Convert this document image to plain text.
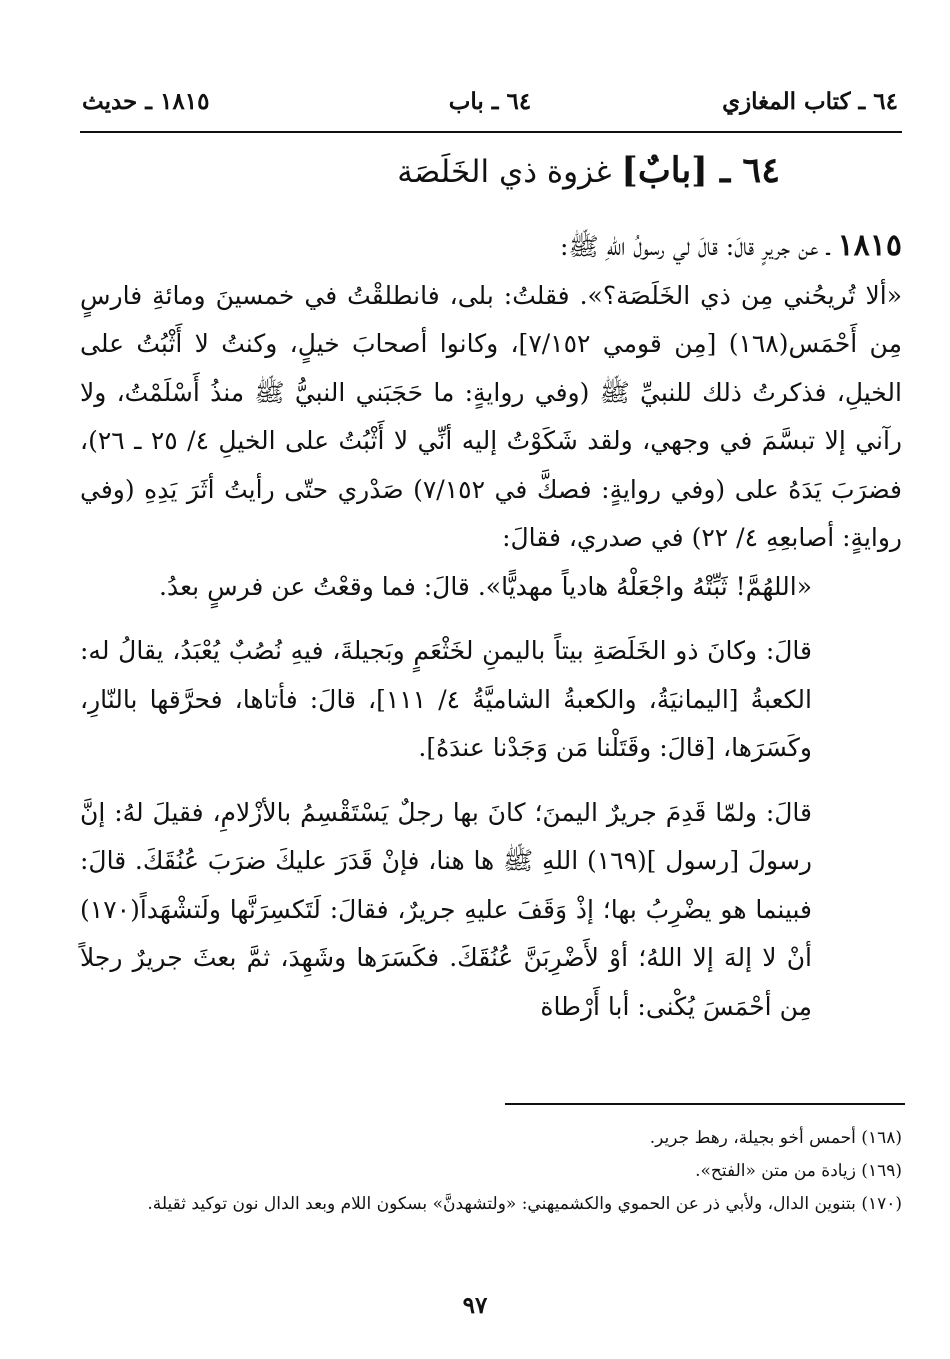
٦٤ ـ كتاب المغازي
٦٤ ـ باب
١٨١٥ ـ حديث
٦٤ ـ [بابٌ] غزوة ذي الخَلَصَة

١٨١٥ ـ عن جريرٍ قالَ: قالَ لي رسولُ اللهِ ﷺ:

«ألا تُريحُني مِن ذي الخَلَصَة؟». فقلتُ: بلى، فانطلقْتُ في خمسينَ ومائةِ فارسٍ مِن أَحْمَس(١٦٨) [مِن قومي ٧/١٥٢]، وكانوا أصحابَ خيلٍ، وكنتُ لا أَثْبُتُ على الخيلِ، فذكرتُ ذلك للنبيِّ ﷺ (وفي روايةٍ: ما حَجَبَني النبيُّ ﷺ منذُ أَسْلَمْتُ، ولا رآني إلا تبسَّمَ في وجهي، ولقد شَكَوْتُ إليه أنِّي لا أَثْبُتُ على الخيلِ ٤/ ٢٥ ـ ٢٦)، فضرَبَ يَدَهُ على (وفي روايةٍ: فصكَّ في ٧/١٥٢) صَدْري حتّى رأيتُ أثَرَ يَدِهِ (وفي روايةٍ: أصابعِهِ ٤/ ٢٢) في صدري، فقالَ:

«اللهُمَّ! ثَبِّتْهُ واجْعَلْهُ هادياً مهديًّا». قالَ: فما وقعْتُ عن فرسٍ بعدُ.

قالَ: وكانَ ذو الخَلَصَةِ بيتاً باليمنِ لخَثْعَمٍ وبَجيلةَ، فيهِ نُصُبٌ يُعْبَدُ، يقالُ له: الكعبةُ [اليمانيَةُ، والكعبةُ الشاميَّةُ ٤/ ١١١]، قالَ: فأتاها، فحرَّقها بالنّارِ، وكَسَرَها، [قالَ: وقَتَلْنا مَن وَجَدْنا عندَهُ].

قالَ: ولمّا قَدِمَ جريرٌ اليمنَ؛ كانَ بها رجلٌ يَسْتَقْسِمُ بالأزْلامِ، فقيلَ لهُ: إنَّ رسولَ [رسول ](١٦٩) اللهِ ﷺ ها هنا، فإنْ قَدَرَ عليكَ ضرَبَ عُنُقَكَ. قالَ: فبينما هو يضْرِبُ بها؛ إذْ وَقَفَ عليهِ جريرٌ، فقالَ: لَتَكسِرَنَّها ولَتشْهَداً(١٧٠) أنْ لا إلهَ إلا اللهُ؛ أوْ لأَضْرِبَنَّ عُنُقَكَ. فكَسَرَها وشَهِدَ، ثمَّ بعثَ جريرٌ رجلاً مِن أحْمَسَ يُكْنى: أبا أَرْطاة

(١٦٨) أحمس أخو بجيلة، رهط جرير.

(١٦٩) زيادة من متن «الفتح».

(١٧٠) بتنوين الدال، ولأبي ذر عن الحموي والكشميهني: «ولتشهدنَّ» بسكون اللام وبعد الدال نون توكيد ثقيلة.

٩٧
